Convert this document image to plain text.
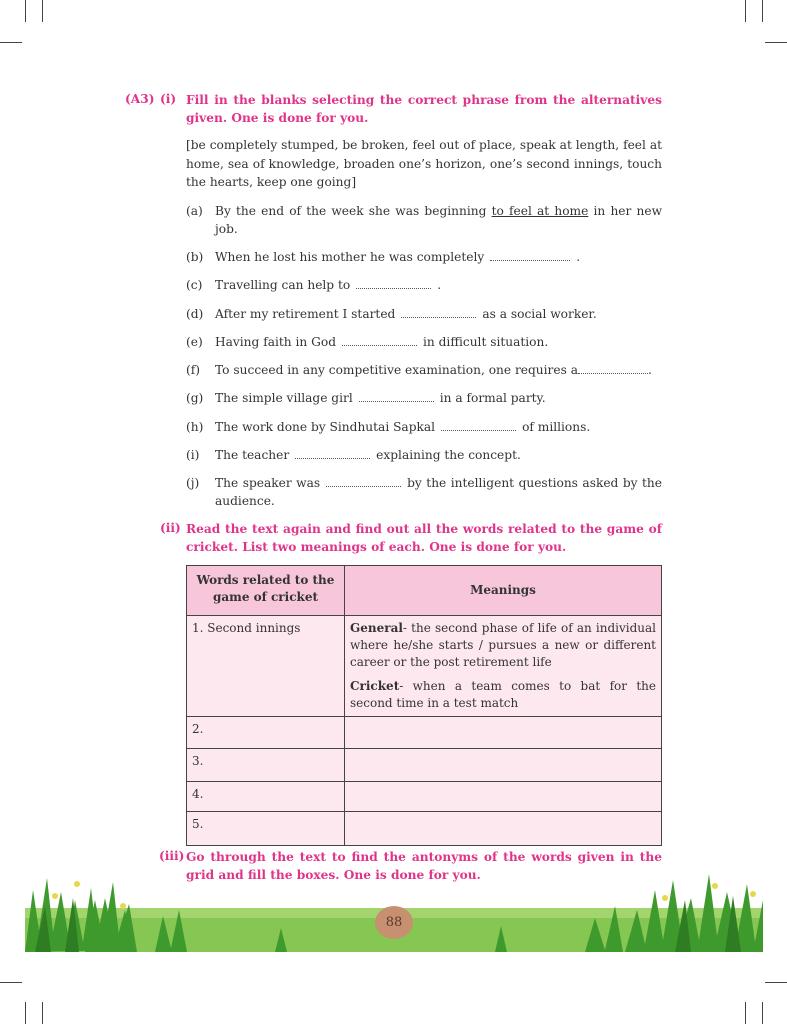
(A3) (i) Fill in the blanks selecting the correct phrase from the alternatives given. One is done for you.
[be completely stumped, be broken, feel out of place, speak at length, feel at home, sea of knowledge, broaden one’s horizon, one’s second innings, touch the hearts, keep one going]
(a) By the end of the week she was beginning to feel at home in her new job.
(b) When he lost his mother he was completely	.
(c) Travelling can help to	.
(d) After my retirement I started	as a social worker.
(e) Having faith in God	in difficult situation.
(f) To succeed in any competitive examination, one requires a	.
(g) The simple village girl	in a formal party.
(h) The work done by Sindhutai Sapkal	of millions.
(i) The teacher	explaining the concept.
(j) The speaker was	by the intelligent questions asked by the audience.
(ii) Read the text again and find out all the words related to the game of cricket. List two meanings of each. One is done for you.
Words related to the game of cricket	Meanings
1. Second innings	General- the second phase of life of an individual where he/she starts / pursues a new or different career or the post retirement life
Cricket- when a team comes to bat for the second time in a test match

2.	
3.	
4.	
5.	
(iii) Go through the text to find the antonyms of the words given in the grid and fill the boxes. One is done for you.
88
